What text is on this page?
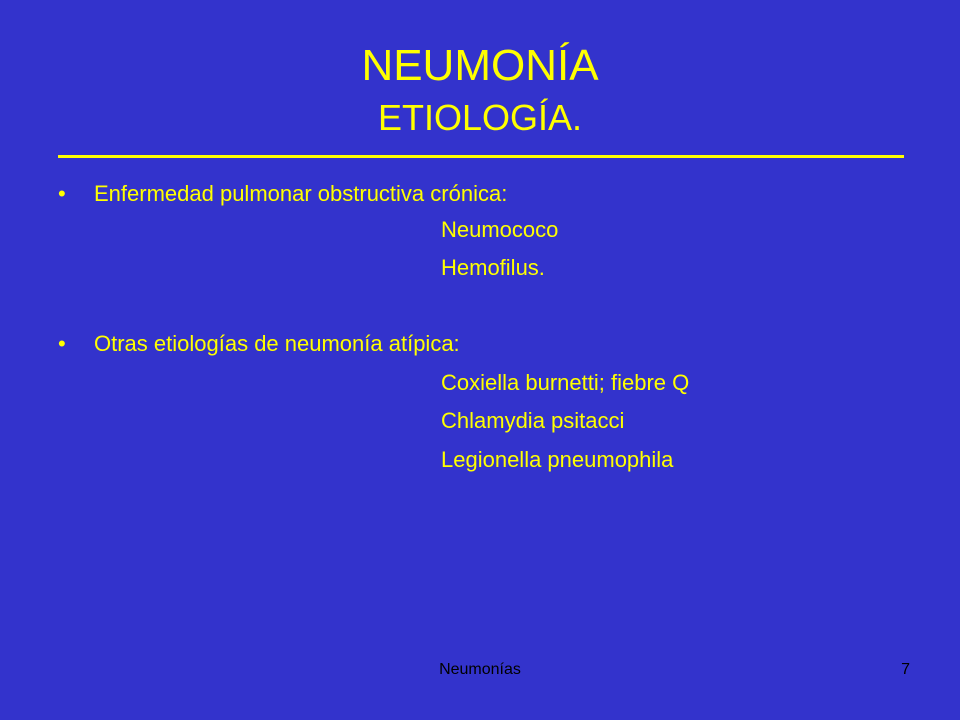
NEUMONÍA
ETIOLOGÍA.
• Enfermedad pulmonar obstructiva crónica:
Neumococo
Hemofilus.
• Otras etiologías de neumonía atípica:
Coxiella burnetti; fiebre Q
Chlamydia psitacci
Legionella pneumophila
Neumonías	7
